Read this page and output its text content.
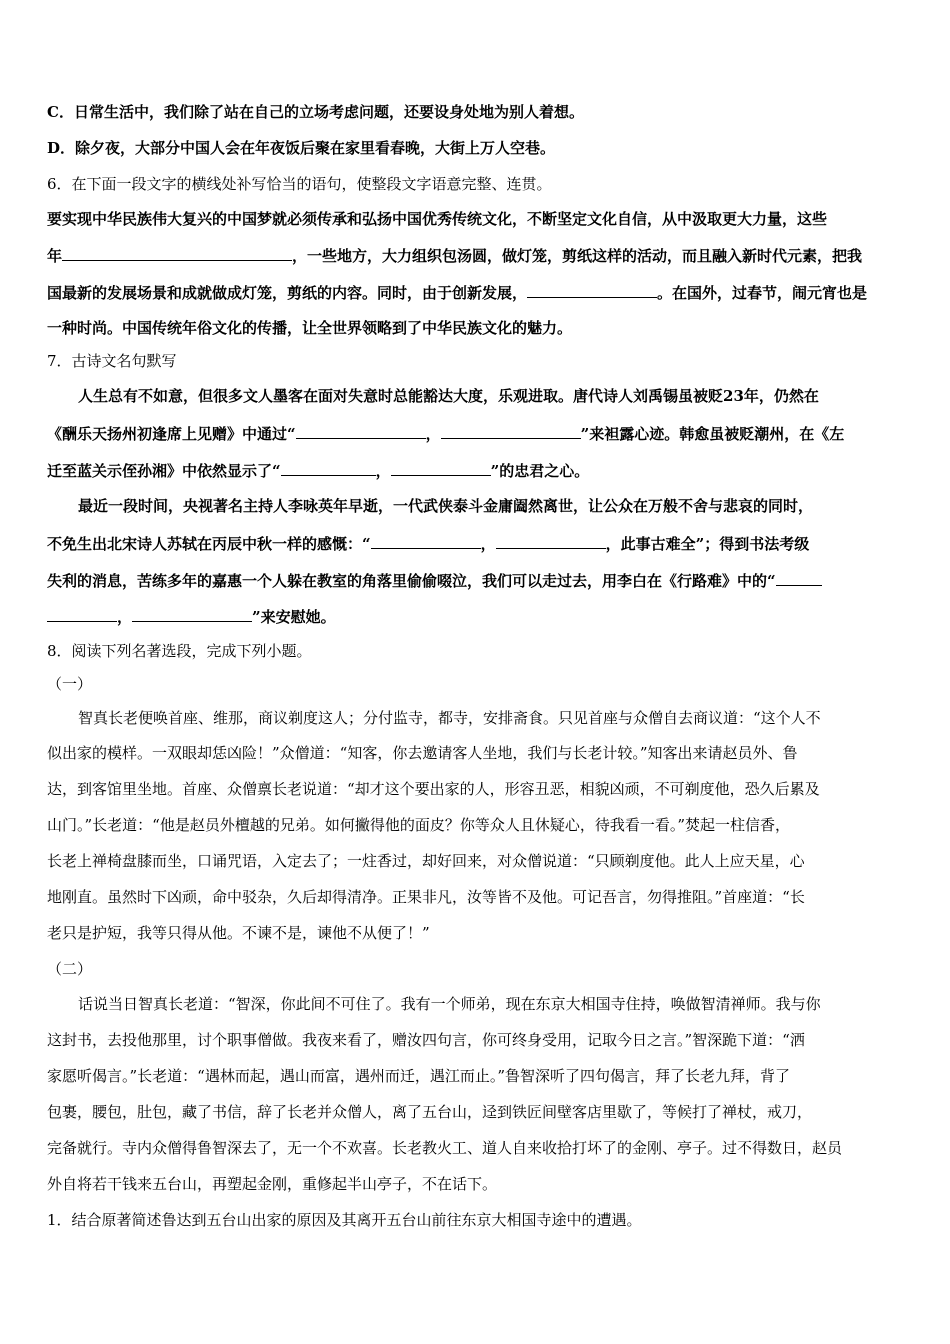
C．日常生活中，我们除了站在自己的立场考虑问题，还要设身处地为别人着想。
D．除夕夜，大部分中国人会在年夜饭后聚在家里看春晚，大街上万人空巷。
6．在下面一段文字的横线处补写恰当的语句，使整段文字语意完整、连贯。
要实现中华民族伟大复兴的中国梦就必须传承和弘扬中国优秀传统文化，不断坚定文化自信，从中汲取更大力量，这些
年	，一些地方，大力组织包汤圆，做灯笼，剪纸这样的活动，而且融入新时代元素，把我
国最新的发展场景和成就做成灯笼，剪纸的内容。同时，由于创新发展，	。在国外，过春节，闹元宵也是
一种时尚。中国传统年俗文化的传播，让全世界领略到了中华民族文化的魅力。
7．古诗文名句默写
人生总有不如意，但很多文人墨客在面对失意时总能豁达大度，乐观进取。唐代诗人刘禹锡虽被贬23年，仍然在
《酬乐天扬州初逢席上见赠》中通过“	，	”来袒露心迹。韩愈虽被贬潮州，在《左
迁至蓝关示侄孙湘》中依然显示了“	，	”的忠君之心。
最近一段时间，央视著名主持人李咏英年早逝，一代武侠泰斗金庸阖然离世，让公众在万般不舍与悲哀的同时，
不免生出北宋诗人苏轼在丙辰中秋一样的感慨：“	，	，此事古难全”；得到书法考级
失利的消息，苦练多年的嘉惠一个人躲在教室的角落里偷偷啜泣，我们可以走过去，用李白在《行路难》中的“
，	”来安慰她。
8．阅读下列名著选段，完成下列小题。
（一）
智真长老便唤首座、维那，商议剃度这人；分付监寺，都寺，安排斋食。只见首座与众僧自去商议道：“这个人不
似出家的模样。一双眼却恁凶险！”众僧道：“知客，你去邀请客人坐地，我们与长老计较。”知客出来请赵员外、鲁
达，到客馆里坐地。首座、众僧禀长老说道：“却才这个要出家的人，形容丑恶，相貌凶顽，不可剃度他，恐久后累及
山门。”长老道：“他是赵员外檀越的兄弟。如何撇得他的面皮？你等众人且休疑心，待我看一看。”焚起一柱信香，
长老上禅椅盘膝而坐，口诵咒语，入定去了；一炷香过，却好回来，对众僧说道：“只顾剃度他。此人上应天星，心
地刚直。虽然时下凶顽，命中驳杂，久后却得清净。正果非凡，汝等皆不及他。可记吾言，勿得推阻。”首座道：“长
老只是护短，我等只得从他。不谏不是，谏他不从便了！”
（二）
话说当日智真长老道：“智深，你此间不可住了。我有一个师弟，现在东京大相国寺住持，唤做智清禅师。我与你
这封书，去投他那里，讨个职事僧做。我夜来看了，赠汝四句言，你可终身受用，记取今日之言。”智深跪下道：“洒
家愿听偈言。”长老道：“遇林而起，遇山而富，遇州而迁，遇江而止。”鲁智深听了四句偈言，拜了长老九拜，背了
包裹，腰包，肚包，藏了书信，辞了长老并众僧人，离了五台山，迳到铁匠间壁客店里歇了，等候打了禅杖，戒刀，
完备就行。寺内众僧得鲁智深去了，无一个不欢喜。长老教火工、道人自来收拾打坏了的金刚、亭子。过不得数日，赵员
外自将若干钱来五台山，再塑起金刚，重修起半山亭子，不在话下。
1．结合原著简述鲁达到五台山出家的原因及其离开五台山前往东京大相国寺途中的遭遇。
